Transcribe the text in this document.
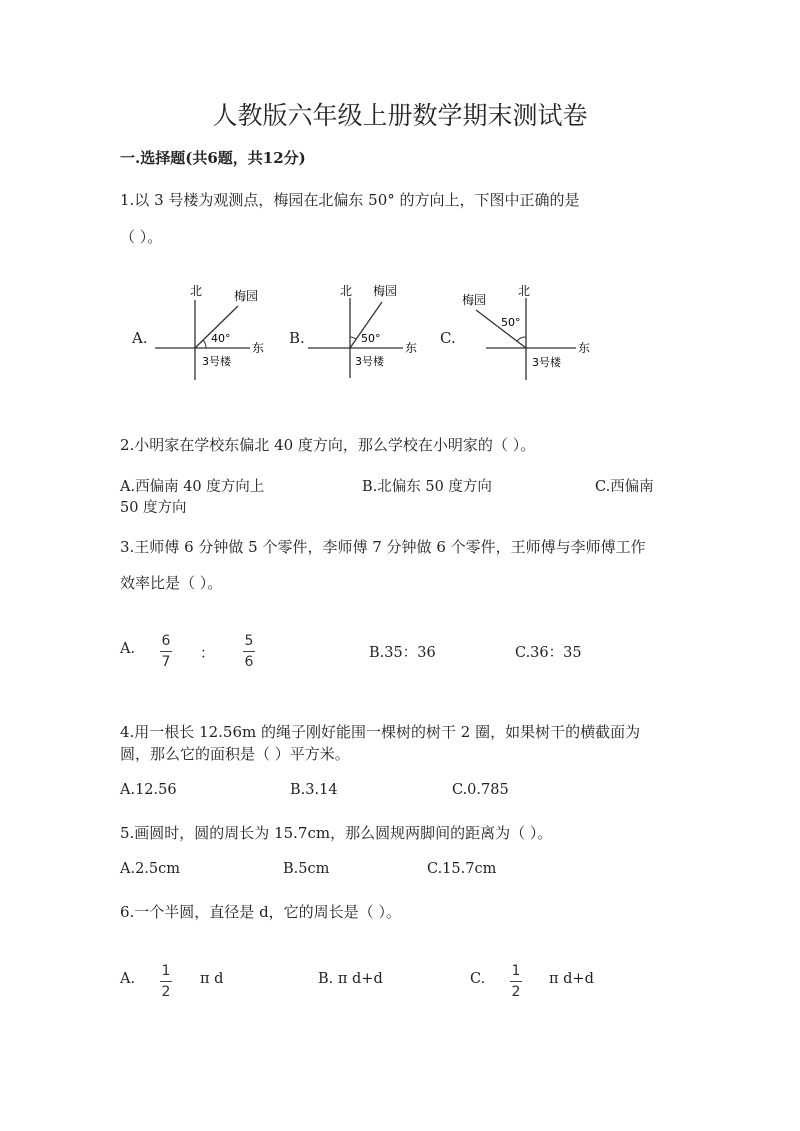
人教版六年级上册数学期末测试卷
一.选择题(共6题，共12分)
1.以 3 号楼为观测点，梅园在北偏东 50° 的方向上，下图中正确的是
（ ）。
A.
北
东
梅园
40°
3号楼
B.
北
东
梅园
50°
3号楼
C.
北
东
梅园
50°
3号楼
2.小明家在学校东偏北 40 度方向，那么学校在小明家的（ ）。
A.西偏南 40 度方向上	B.北偏东 50 度方向	C.西偏南
50 度方向
3.王师傅 6 分钟做 5 个零件，李师傅 7 分钟做 6 个零件，王师傅与李师傅工作
效率比是（ ）。
A. 6
7 ：
5
6
B.35：36	C.36：35
4.用一根长 12.56m 的绳子刚好能围一棵树的树干 2 圈，如果树干的横截面为
圆，那么它的面积是（ ）平方米。
A.12.56	B.3.14	C.0.785
5.画圆时，圆的周长为 15.7cm，那么圆规两脚间的距离为（ ）。
A.2.5cm	B.5cm	C.15.7cm
6.一个半圆，直径是 d，它的周长是（ ）。
A. 1
2
π d	B. π d+d	C. 1
2
π d+d
